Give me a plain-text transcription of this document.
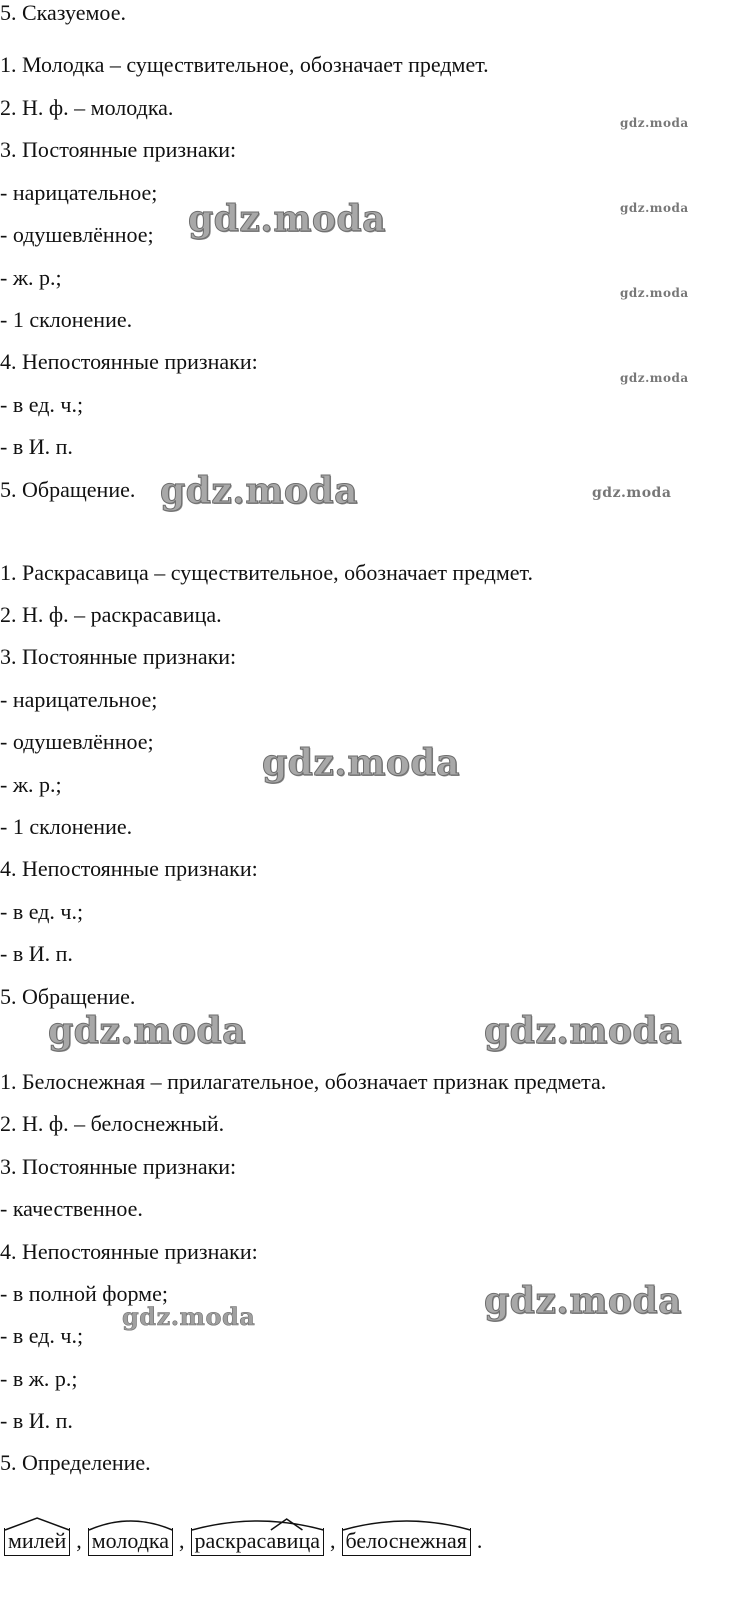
5. Сказуемое.
1. Молодка – существительное, обозначает предмет.
2. Н. ф. – молодка.
3. Постоянные признаки:
- нарицательное;
- одушевлённое;
- ж. р.;
- 1 склонение.
4. Непостоянные признаки:
- в ед. ч.;
- в И. п.
5. Обращение.
1. Раскрасавица – существительное, обозначает предмет.
2. Н. ф. – раскрасавица.
3. Постоянные признаки:
- нарицательное;
- одушевлённое;
- ж. р.;
- 1 склонение.
4. Непостоянные признаки:
- в ед. ч.;
- в И. п.
5. Обращение.
1. Белоснежная – прилагательное, обозначает признак предмета.
2. Н. ф. – белоснежный.
3. Постоянные признаки:
- качественное.
4. Непостоянные признаки:
- в полной форме;
- в ед. ч.;
- в ж. р.;
- в И. п.
5. Определение.
милей , молодка , раскрасавица , белоснежная .
gdz.moda
gdz.moda	gdz.moda
gdz.moda
gdz.moda
gdz.moda	gdz.moda
gdz.moda
gdz.moda	gdz.moda
gdz.moda
gdz.moda
